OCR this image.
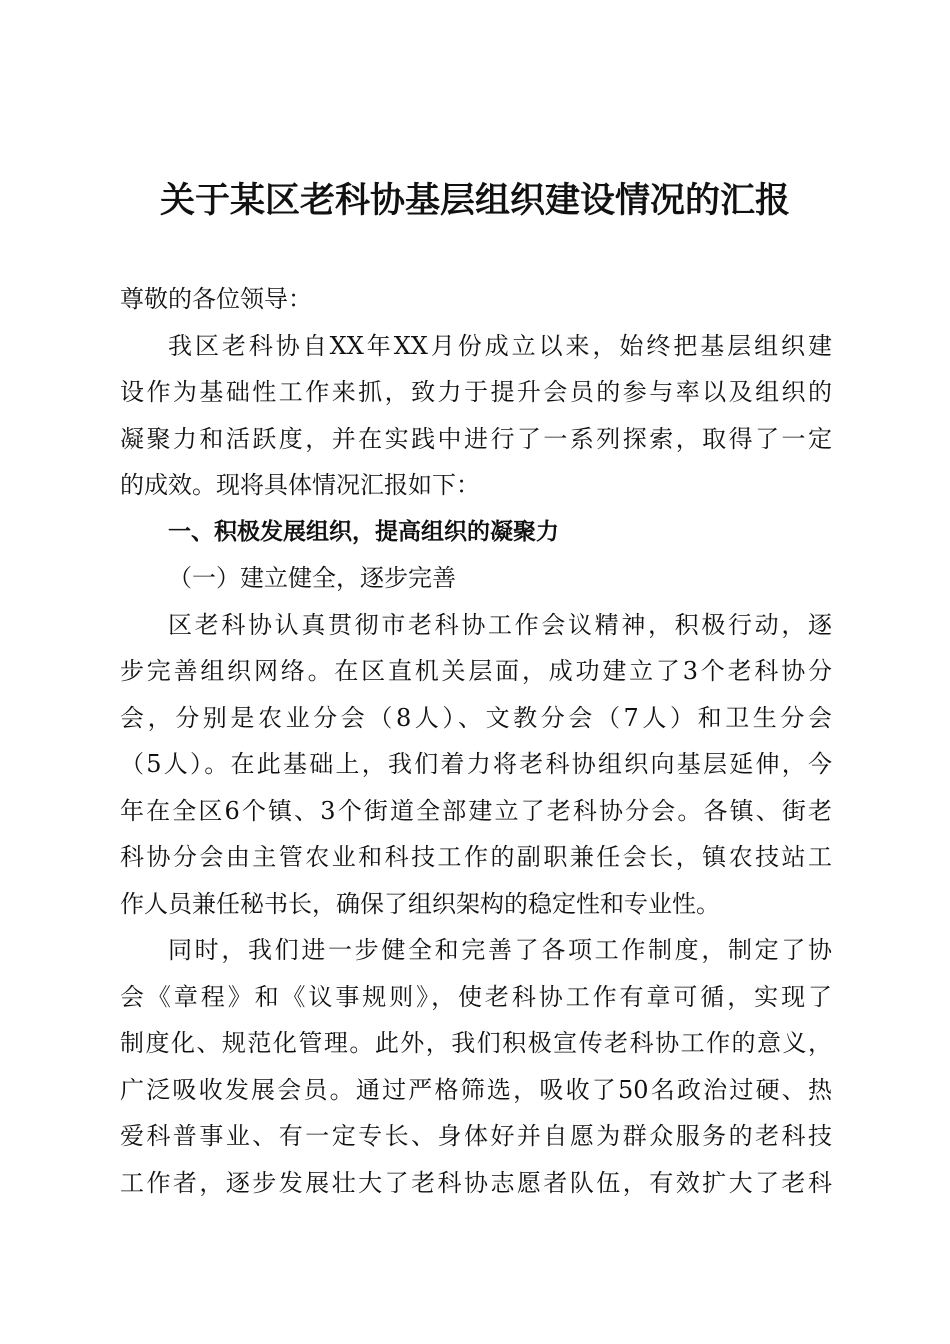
关于某区老科协基层组织建设情况的汇报

尊敬的各位领导：

我区老科协自XX年XX月份成立以来，始终把基层组织建

设作为基础性工作来抓，致力于提升会员的参与率以及组织的

凝聚力和活跃度，并在实践中进行了一系列探索，取得了一定

的成效。现将具体情况汇报如下：

一、积极发展组织，提高组织的凝聚力

（一）建立健全，逐步完善

区老科协认真贯彻市老科协工作会议精神，积极行动，逐

步完善组织网络。在区直机关层面，成功建立了3个老科协分

会，分别是农业分会（8人）、文教分会（7人）和卫生分会

（5人）。在此基础上，我们着力将老科协组织向基层延伸，今

年在全区6个镇、3个街道全部建立了老科协分会。各镇、街老

科协分会由主管农业和科技工作的副职兼任会长，镇农技站工

作人员兼任秘书长，确保了组织架构的稳定性和专业性。

同时，我们进一步健全和完善了各项工作制度，制定了协

会《章程》和《议事规则》，使老科协工作有章可循，实现了

制度化、规范化管理。此外，我们积极宣传老科协工作的意义，

广泛吸收发展会员。通过严格筛选，吸收了50名政治过硬、热

爱科普事业、有一定专长、身体好并自愿为群众服务的老科技

工作者，逐步发展壮大了老科协志愿者队伍，有效扩大了老科
